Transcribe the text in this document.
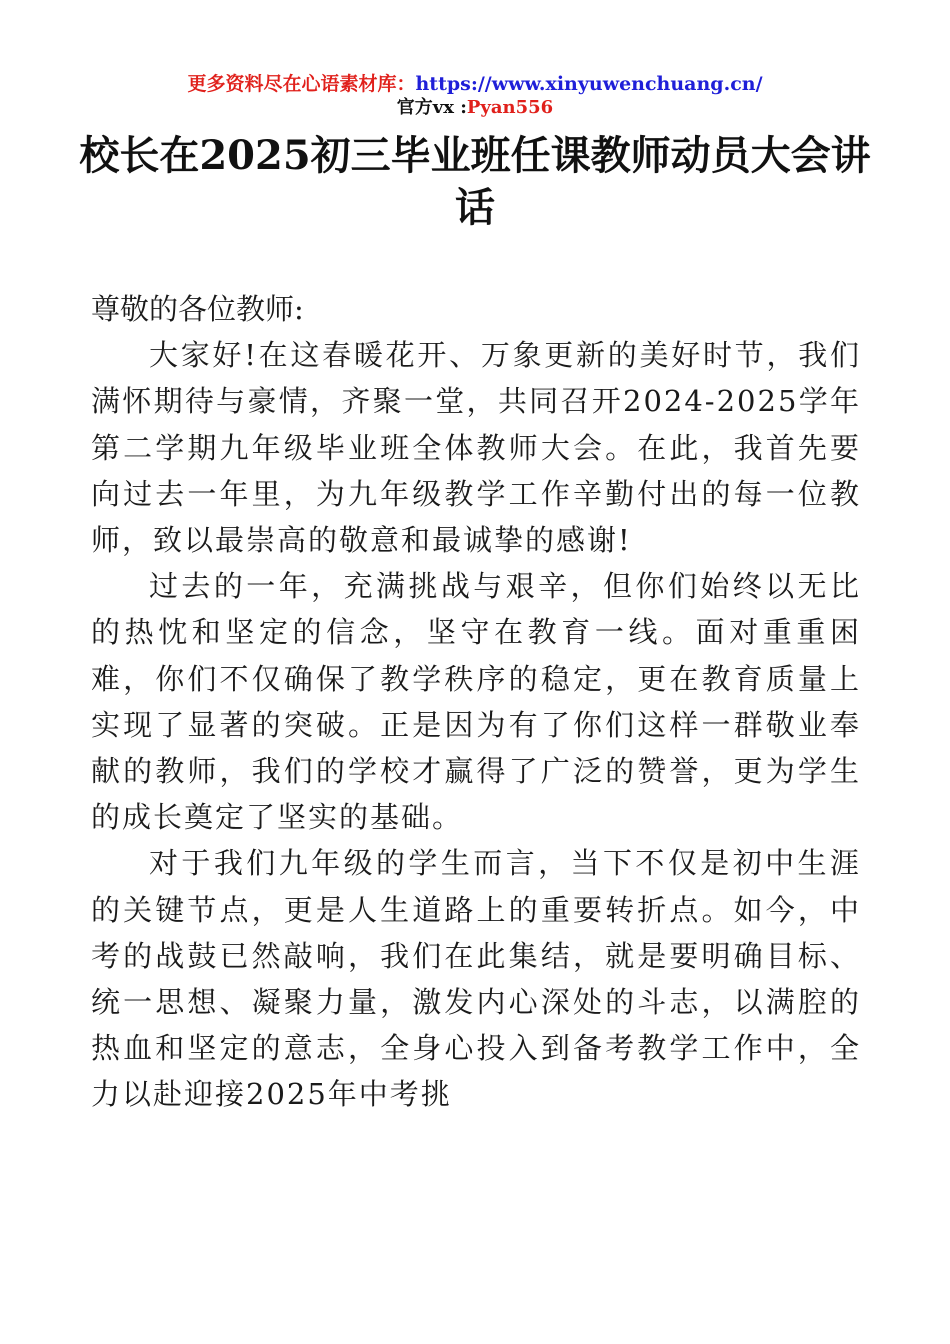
更多资料尽在心语素材库：https://www.xinyuwenchuang.cn/
官方vx :Pyan556
校长在2025初三毕业班任课教师动员大会讲话

尊敬的各位教师:

大家好!在这春暖花开、万象更新的美好时节，我们满怀期待与豪情，齐聚一堂，共同召开2024-2025学年第二学期九年级毕业班全体教师大会。在此，我首先要向过去一年里，为九年级教学工作辛勤付出的每一位教师，致以最崇高的敬意和最诚挚的感谢!

过去的一年，充满挑战与艰辛，但你们始终以无比的热忱和坚定的信念，坚守在教育一线。面对重重困难，你们不仅确保了教学秩序的稳定，更在教育质量上实现了显著的突破。正是因为有了你们这样一群敬业奉献的教师，我们的学校才赢得了广泛的赞誉，更为学生的成长奠定了坚实的基础。

对于我们九年级的学生而言，当下不仅是初中生涯的关键节点，更是人生道路上的重要转折点。如今，中考的战鼓已然敲响，我们在此集结，就是要明确目标、统一思想、凝聚力量，激发内心深处的斗志，以满腔的热血和坚定的意志，全身心投入到备考教学工作中，全力以赴迎接2025年中考挑
